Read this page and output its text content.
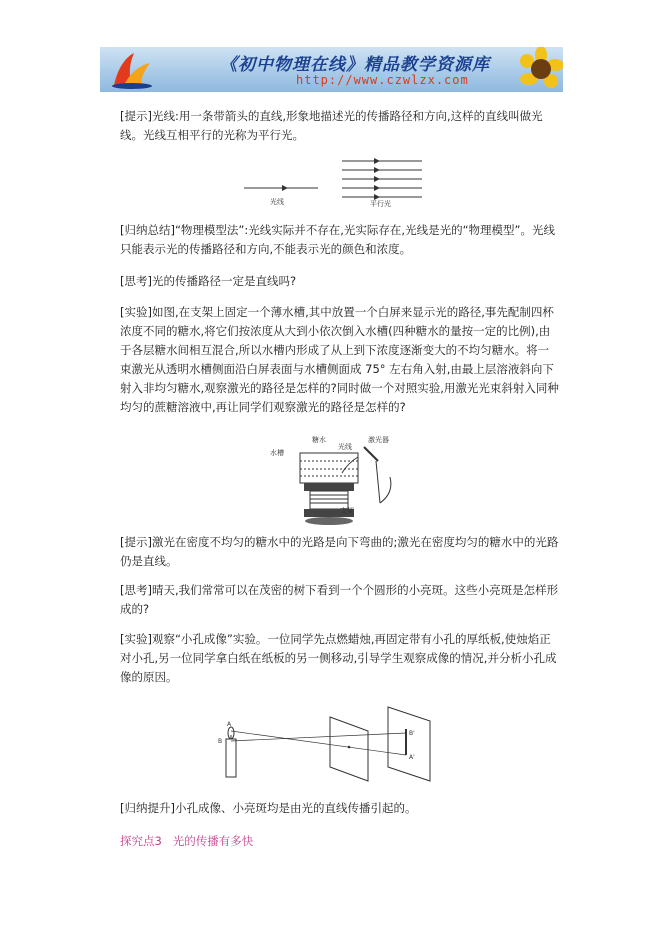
《初中物理在线》精品教学资源库
http://www.czwlzx.com

[提示]光线:用一条带箭头的直线,形象地描述光的传播路径和方向,这样的直线叫做光线。光线互相平行的光称为平行光。

光线	平行光

[归纳总结]“物理模型法”:光线实际并不存在,光实际存在,光线是光的“物理模型”。光线只能表示光的传播路径和方向,不能表示光的颜色和浓度。

[思考]光的传播路径一定是直线吗?

[实验]如图,在支架上固定一个薄水槽,其中放置一个白屏来显示光的路径,事先配制四杯浓度不同的糖水,将它们按浓度从大到小依次倒入水槽(四种糖水的量按一定的比例),由于各层糖水间相互混合,所以水槽内形成了从上到下浓度逐渐变大的不均匀糖水。将一束激光从透明水槽侧面沿白屏表面与水槽侧面成 75° 左右角入射,由最上层溶液斜向下射入非均匀糖水,观察激光的路径是怎样的?同时做一个对照实验,用激光光束斜射入同种均匀的蔗糖溶液中,再让同学们观察激光的路径是怎样的?

水槽
糖水
光线
激光器
支架

[提示]激光在密度不均匀的糖水中的光路是向下弯曲的;激光在密度均匀的糖水中的光路仍是直线。

[思考]晴天,我们常常可以在茂密的树下看到一个个圆形的小亮斑。这些小亮斑是怎样形成的?

[实验]观察“小孔成像”实验。一位同学先点燃蜡烛,再固定带有小孔的厚纸板,使烛焰正对小孔,另一位同学拿白纸在纸板的另一侧移动,引导学生观察成像的情况,并分析小孔成像的原因。

A
B
B'
A'

[归纳提升]小孔成像、小亮斑均是由光的直线传播引起的。

探究点3 光的传播有多快
